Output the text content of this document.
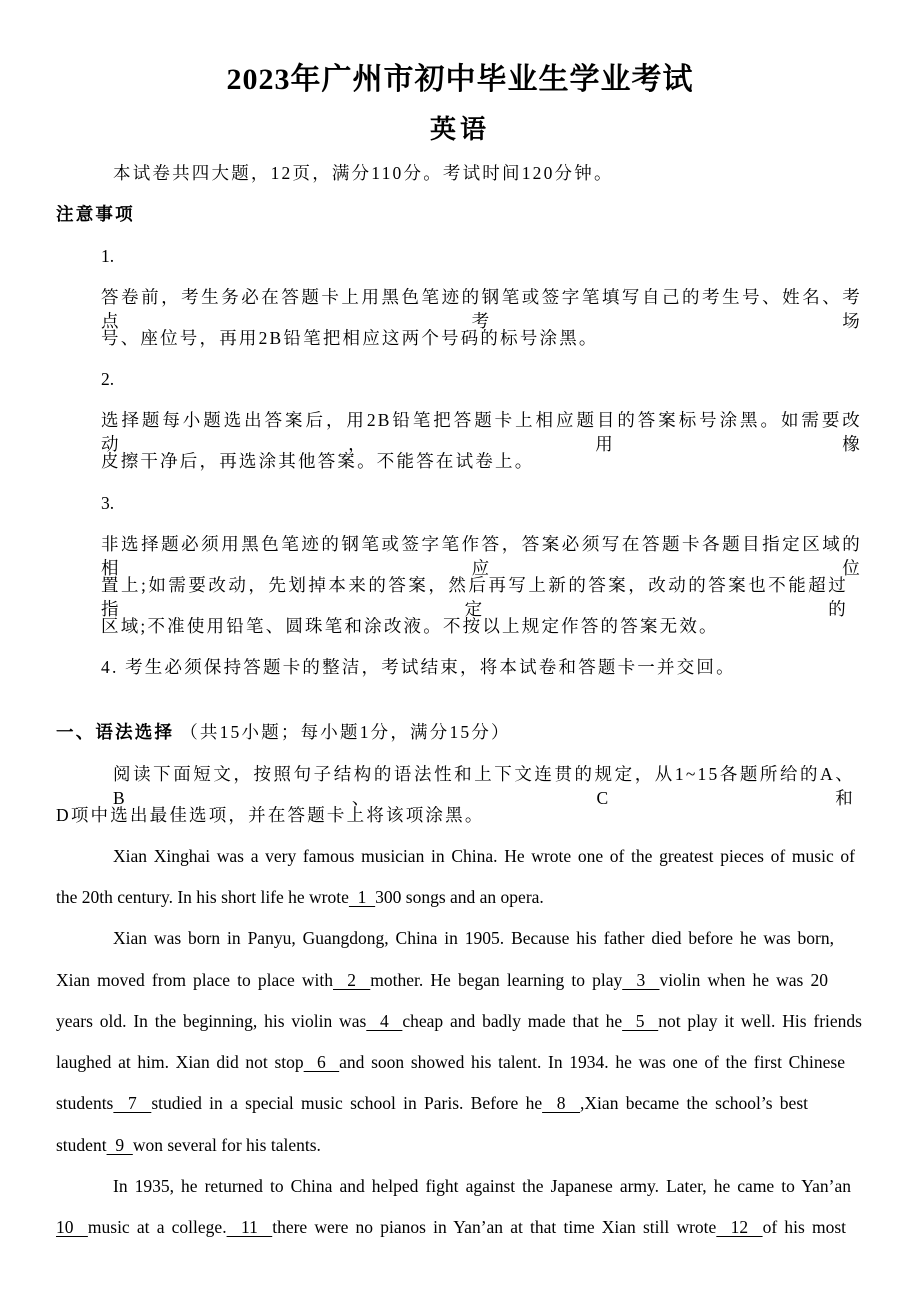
2023年广州市初中毕业生学业考试
英语
本试卷共四大题，12页，满分110分。考试时间120分钟。
注意事项
1.
答卷前，考生务必在答题卡上用黑色笔迹的钢笔或签字笔填写自己的考生号、姓名、考点考场
号、座位号，再用2B铅笔把相应这两个号码的标号涂黑。
2.
选择题每小题选出答案后，用2B铅笔把答题卡上相应题目的答案标号涂黑。如需要改动，用橡
皮擦干净后，再选涂其他答案。不能答在试卷上。
3.
非选择题必须用黑色笔迹的钢笔或签字笔作答，答案必须写在答题卡各题目指定区域的相应位
置上;如需要改动，先划掉本来的答案，然后再写上新的答案，改动的答案也不能超过指定的
区域;不准使用铅笔、圆珠笔和涂改液。不按以上规定作答的答案无效。
4. 考生必须保持答题卡的整洁，考试结束，将本试卷和答题卡一并交回。
一、语法选择 （共15小题；每小题1分，满分15分）
阅读下面短文，按照句子结构的语法性和上下文连贯的规定，从1~15各题所给的A、B、C和
D项中选出最佳选项，并在答题卡上将该项涂黑。
Xian Xinghai was a very famous musician in China. He wrote one of the greatest pieces of music of
the 20th century. In his short life he wrote  1  300 songs and an opera.
Xian was born in Panyu, Guangdong, China in 1905. Because his father died before he was born,
Xian moved from place to place with  2  mother. He began learning to play  3  violin when he was 20
years old. In the beginning, his violin was  4  cheap and badly made that he  5  not play it well. His friends
laughed at him. Xian did not stop  6  and soon showed his talent. In 1934. he was one of the first Chinese
students  7  studied in a special music school in Paris. Before he  8  ,Xian became the school’s best
student  9  won several for his talents.
In 1935, he returned to China and helped fight against the Japanese army. Later, he came to Yan’an
10  music at a college.  11  there were no pianos in Yan’an at that time Xian still wrote  12  of his most
